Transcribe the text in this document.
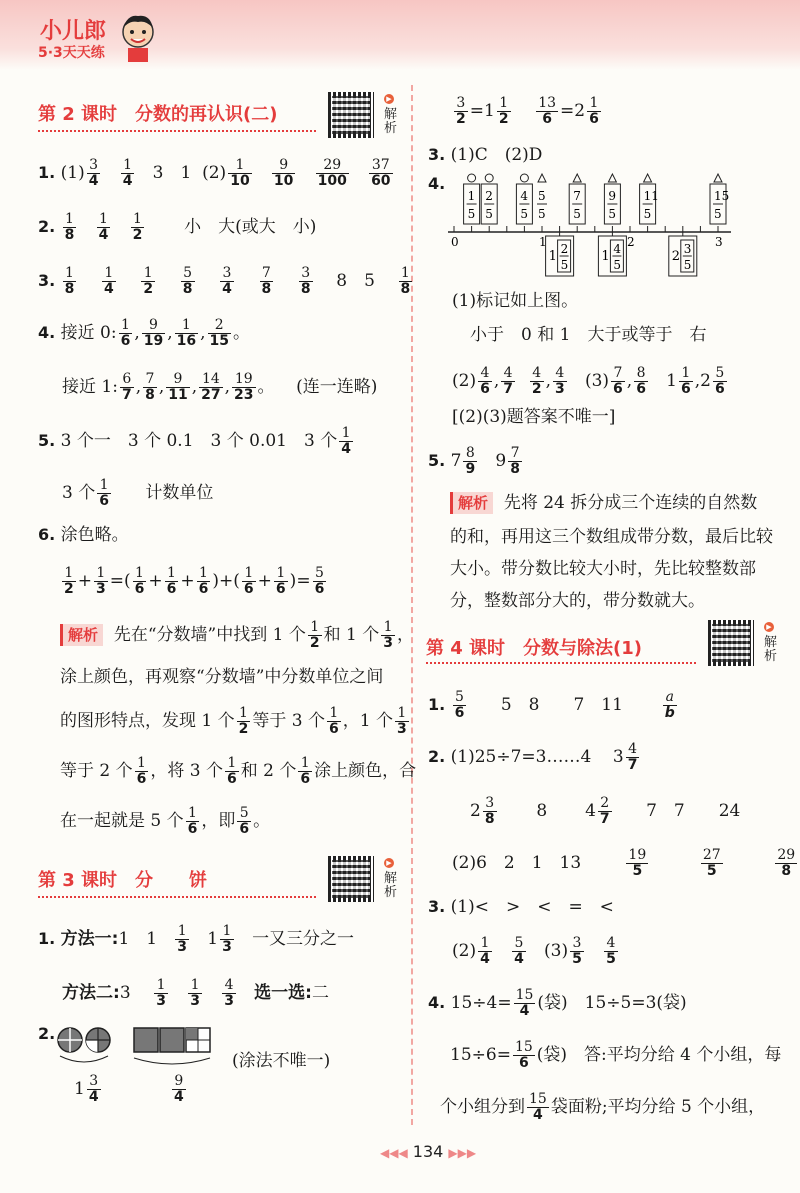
小儿郎
5·3天天练
第 2 课时　分数的再认识(二)
▶
解析
1. $(1) \frac{3}{4}$
$\frac{1}{4} 3$　1 $(2) \frac{1}{10}$
$\frac{9}{10}$
$\frac{29}{100}$
$\frac{37}{60}$
2. $\frac{1}{8}$
$\frac{1}{4}$
$\frac{1}{2}$ 小　大(或大　小)
3. $\frac{1}{8}$
$\frac{1}{4}$
$\frac{1}{2}$
$\frac{5}{8}$
$\frac{3}{4}$
$\frac{7}{8}$
$\frac{3}{8} 8$　$5 \frac{1}{8}$
4. 接近 0: $\frac{1}{6}$ , $\frac{9}{19}$ , $\frac{1}{16}$ , $\frac{2}{15}$ 。
接近 1: $\frac{6}{7}$ , $\frac{7}{8}$ , $\frac{9}{11}$ , $\frac{14}{27}$ , $\frac{19}{23}$ 。 (连一连略)
5. 3 个一　3 个 0.1　3 个 0.01　3 个 $\frac{1}{4}$
3 个 $\frac{1}{6}$ 计数单位
6. 涂色略。
$\frac{1}{2} + \frac{1}{3}$ =( $\frac{1}{6} + \frac{1}{6} + \frac{1}{6}$ )+( $\frac{1}{6} + \frac{1}{6}$ )= $\frac{5}{6}$
解析 先在“分数墙”中找到 1 个 $\frac{1}{2}$ 和 1 个 $\frac{1}{3}$ ，
涂上颜色，再观察“分数墙”中分数单位之间
的图形特点，发现 1 个 $\frac{1}{2}$ 等于 3 个 $\frac{1}{6}$ ，1 个 $\frac{1}{3}$
等于 2 个 $\frac{1}{6}$ ，将 3 个 $\frac{1}{6}$ 和 2 个 $\frac{1}{6}$ 涂上颜色，合
在一起就是 5 个 $\frac{1}{6}$ ，即 $\frac{5}{6}$ 。
第 3 课时　分　　饼
▶
解析
1. 方法一:1　$1 \frac{1}{3} 1 \frac{1}{3}$ 一又三分之一
方法二:3 $\frac{1}{3}$
$\frac{1}{3}$
$\frac{4}{3}$ 选一选:二
2.
(涂法不唯一)
$1 \frac{3}{4}$	$\frac{9}{4}$
$\frac{3}{2} =1 \frac{1}{2}$
$\frac{13}{6} =2 \frac{1}{6}$
3. (1)C　(2)D
4.
0	1	2	3
1
5
2
5
4
5
5
5
7
5
9
5
11
5
15
5
1 2
5
1 4
5
2 3
5
(1)标记如上图。
小于　0 和 1　大于或等于　右
$(2) \frac{4}{6}$ , $\frac{4}{7}$
$\frac{4}{2}$ , $\frac{4}{3} (3) \frac{7}{6}$ , $\frac{8}{6} 1 \frac{1}{6} ,2 \frac{5}{6}$
[(2)(3)题答案不唯一]
5. $7 \frac{8}{9} 9 \frac{7}{8}$
解析 先将 24 拆分成三个连续的自然数
的和，再用这三个数组成带分数，最后比较
大小。带分数比较大小时，先比较整数部
分，整数部分大的，带分数就大。
第 4 课时　分数与除法(1)
▶
解析
1. $\frac{5}{6} 5$　8　　7　11	$\frac{a}{b}$
2. (1)25÷7=3……4 $3 \frac{4}{7}$
$2 \frac{3}{8} 8$ $4 \frac{2}{7} 7$　7　　24
(2)6　2　1　13	$\frac{19}{5}$
	$\frac{27}{5}$
	$\frac{29}{8}$
3. (1)<　>　<　=　<
$(2) \frac{1}{4}$
$\frac{5}{4} (3) \frac{3}{5}$
$\frac{4}{5}$
4. $15\div 4= \frac{15}{4}$ (袋)　15÷5=3(袋)
$15\div 6= \frac{15}{6}$ (袋)　答:平均分给 4 个小组，每
个小组分到 $\frac{15}{4}$ 袋面粉;平均分给 5 个小组，
◀◀◀ 134 ▶▶▶
